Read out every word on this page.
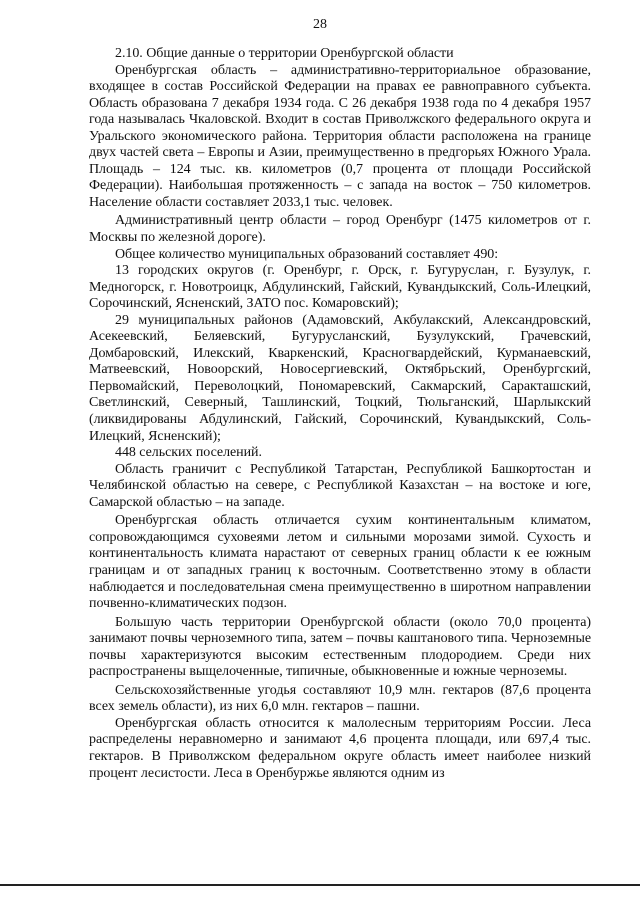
28

2.10. Общие данные о территории Оренбургской области

Оренбургская область – административно-территориальное образование, входящее в состав Российской Федерации на правах ее равноправного субъекта. Область образована 7 декабря 1934 года. С 26 декабря 1938 года по 4 декабря 1957 года называлась Чкаловской. Входит в состав Приволжского федерального округа и Уральского экономического района. Территория области расположена на границе двух частей света – Европы и Азии, преимущественно в предгорьях Южного Урала. Площадь – 124 тыс. кв. километров (0,7 процента от площади Российской Федерации). Наибольшая протяженность – с запада на восток – 750 километров. Население области составляет 2033,1 тыс. человек.

Административный центр области – город Оренбург (1475 километров от г. Москвы по железной дороге).

Общее количество муниципальных образований составляет 490:

13 городских округов (г. Оренбург, г. Орск, г. Бугуруслан, г. Бузулук, г. Медногорск, г. Новотроицк, Абдулинский, Гайский, Кувандыкский, Соль-Илецкий, Сорочинский, Ясненский, ЗАТО пос. Комаровский);

29 муниципальных районов (Адамовский, Акбулакский, Александровский, Асекеевский, Беляевский, Бугурусланский, Бузулукский, Грачевский, Домбаровский, Илекский, Кваркенский, Красногвардейский, Курманаевский, Матвеевский, Новоорский, Новосергиевский, Октябрьский, Оренбургский, Первомайский, Переволоцкий, Пономаревский, Сакмарский, Саракташский, Светлинский, Северный, Ташлинский, Тоцкий, Тюльганский, Шарлыкский (ликвидированы Абдулинский, Гайский, Сорочинский, Кувандыкский, Соль-Илецкий, Ясненский);

448 сельских поселений.

Область граничит с Республикой Татарстан, Республикой Башкортостан и Челябинской областью на севере, с Республикой Казахстан – на востоке и юге, Самарской областью – на западе.

Оренбургская область отличается сухим континентальным климатом, сопровождающимся суховеями летом и сильными морозами зимой. Сухость и континентальность климата нарастают от северных границ области к ее южным границам и от западных границ к восточным. Соответственно этому в области наблюдается и последовательная смена преимущественно в широтном направлении почвенно-климатических подзон.

Большую часть территории Оренбургской области (около 70,0 процента) занимают почвы черноземного типа, затем – почвы каштанового типа. Черноземные почвы характеризуются высоким естественным плодородием. Среди них распространены выщелоченные, типичные, обыкновенные и южные черноземы.

Сельскохозяйственные угодья составляют 10,9 млн. гектаров (87,6 процента всех земель области), из них 6,0 млн. гектаров – пашни.

Оренбургская область относится к малолесным территориям России. Леса распределены неравномерно и занимают 4,6 процента площади, или 697,4 тыс. гектаров. В Приволжском федеральном округе область имеет наиболее низкий процент лесистости. Леса в Оренбуржье являются одним из
